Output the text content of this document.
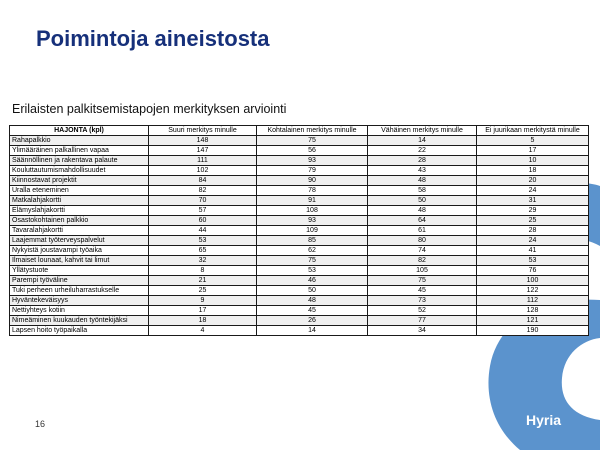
Poimintoja aineistosta
Erilaisten palkitsemistapojen merkityksen arviointi
HAJONTA (kpl)	Suuri merkitys minulle	Kohtalainen merkitys minulle	Vähäinen merkitys minulle	Ei juurikaan merkitystä minulle
Rahapalkkio	148	75	14	5
Ylimääräinen palkallinen vapaa	147	56	22	17
Säännöllinen ja rakentava palaute	111	93	28	10
Kouluttautumismahdollisuudet	102	79	43	18
Kiinnostavat projektit	84	90	48	20
Uralla eteneminen	82	78	58	24
Matkalahjakortti	70	91	50	31
Elämyslahjakortti	57	108	48	29
Osastokohtainen palkkio	60	93	64	25
Tavaralahjakortti	44	109	61	28
Laajemmat työterveyspalvelut	53	85	80	24
Nykyistä joustavampi työaika	65	62	74	41
Ilmaiset lounaat, kahvit tai limut	32	75	82	53
Yllätystuote	8	53	105	76
Parempi työväline	21	46	75	100
Tuki perheen urheiluharrastukselle	25	50	45	122
Hyväntekeväisyys	9	48	73	112
Nettiyhteys kotiin	17	45	52	128
Nimeäminen kuukauden työntekijäksi	18	26	77	121
Lapsen hoito työpaikalla	4	14	34	190
16	Hyria
